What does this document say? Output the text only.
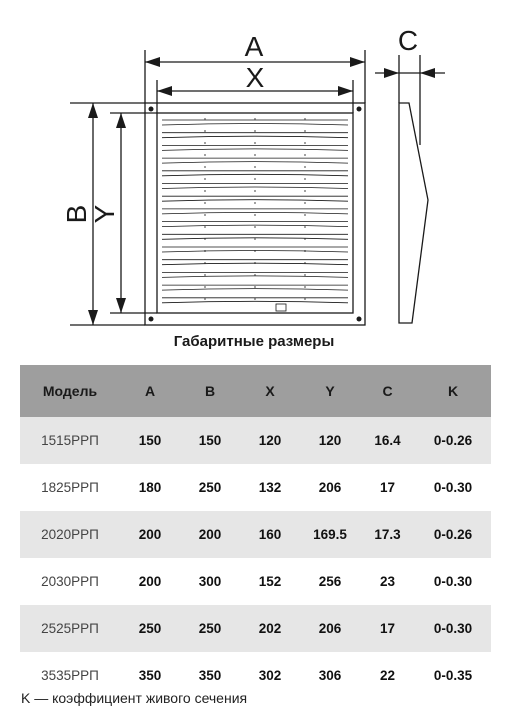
A
X
C
B
Y
Габаритные размеры
Модель	A	B	X	Y	C	K
1515РРП	150	150	120	120	16.4	0-0.26
1825РРП	180	250	132	206	17	0-0.30
2020РРП	200	200	160	169.5	17.3	0-0.26
2030РРП	200	300	152	256	23	0-0.30
2525РРП	250	250	202	206	17	0-0.30
3535РРП	350	350	302	306	22	0-0.35
K — коэффициент живого сечения
